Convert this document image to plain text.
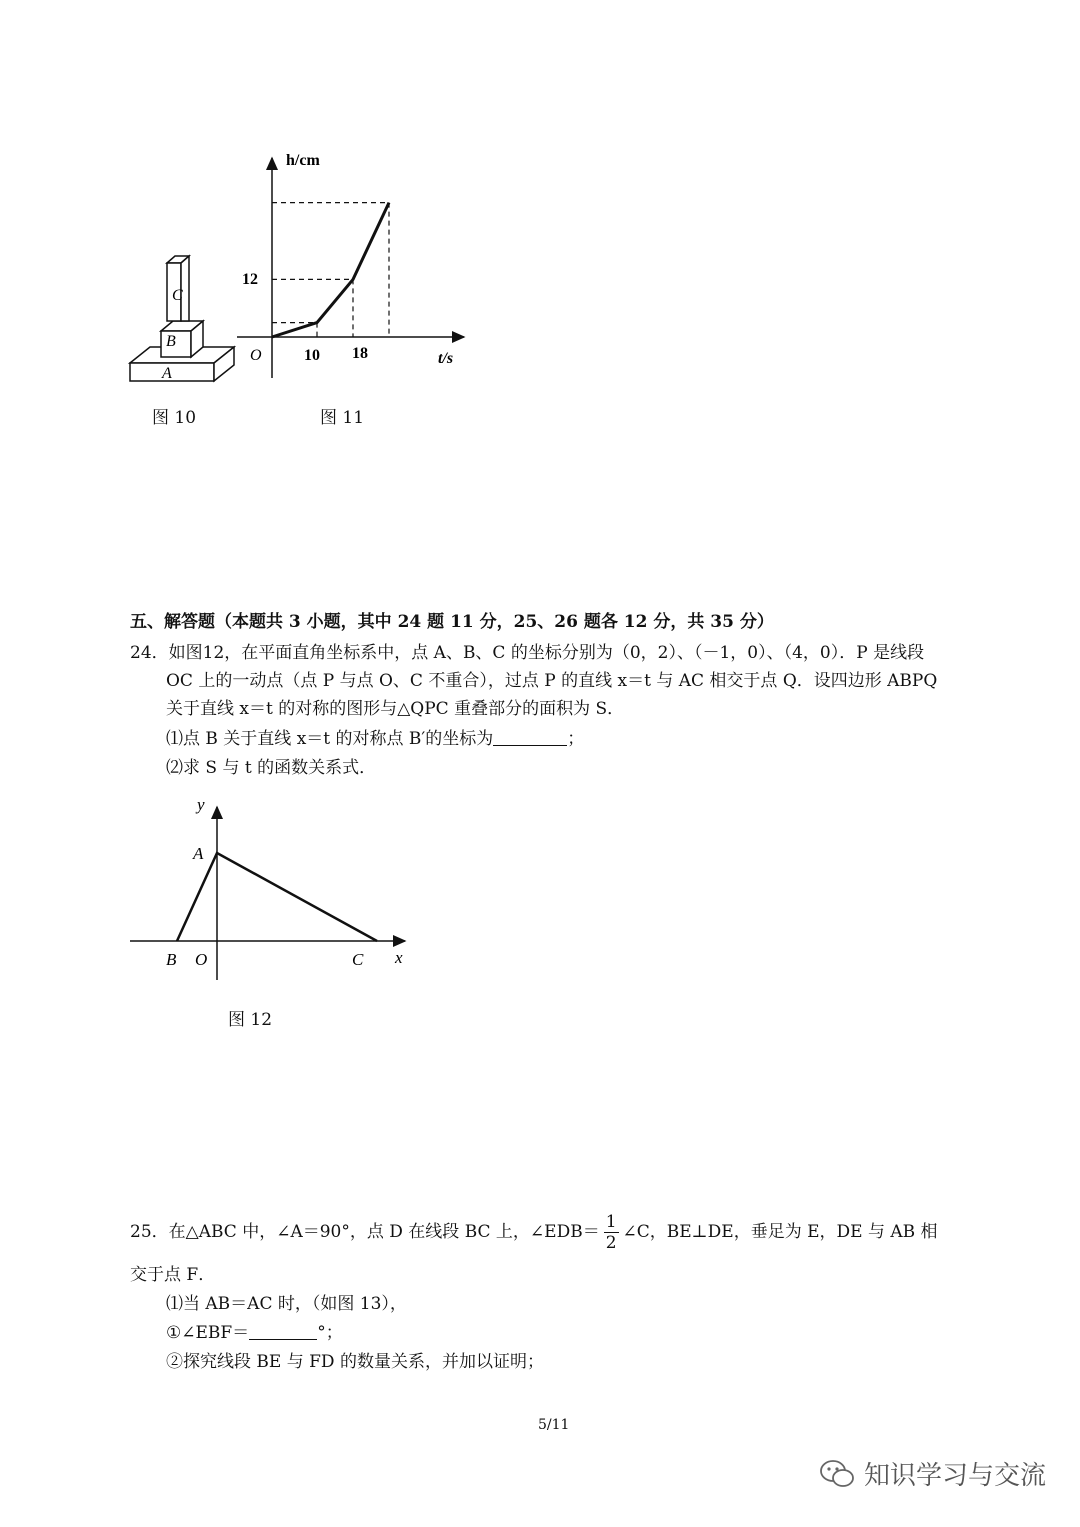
C
B
A
图 10
h/cm
t/s
O
12
10 18
图 11
五、解答题（本题共 3 小题，其中 24 题 11 分，25、26 题各 12 分，共 35 分）
24．如图12，在平面直角坐标系中，点 A、B、C 的坐标分别为（0，2）、（－1，0）、（4，0）．P 是线段
OC 上的一动点（点 P 与点 O、C 不重合），过点 P 的直线 x＝t 与 AC 相交于点 Q．设四边形 ABPQ
关于直线 x＝t 的对称的图形与△QPC 重叠部分的面积为 S．
⑴点 B 关于直线 x＝t 的对称点 B′的坐标为	；
⑵求 S 与 t 的函数关系式．
y
A
B O	C x
图 12
25．在△ABC 中，∠A＝90°，点 D 在线段 BC 上，∠EDB＝ $\frac{1}{2}$ ∠C，BE⊥DE，垂足为 E，DE 与 AB 相
交于点 F．
⑴当 AB＝AC 时，（如图 13），
①∠EBF＝	°；
②探究线段 BE 与 FD 的数量关系，并加以证明；
5/11
知识学习与交流
